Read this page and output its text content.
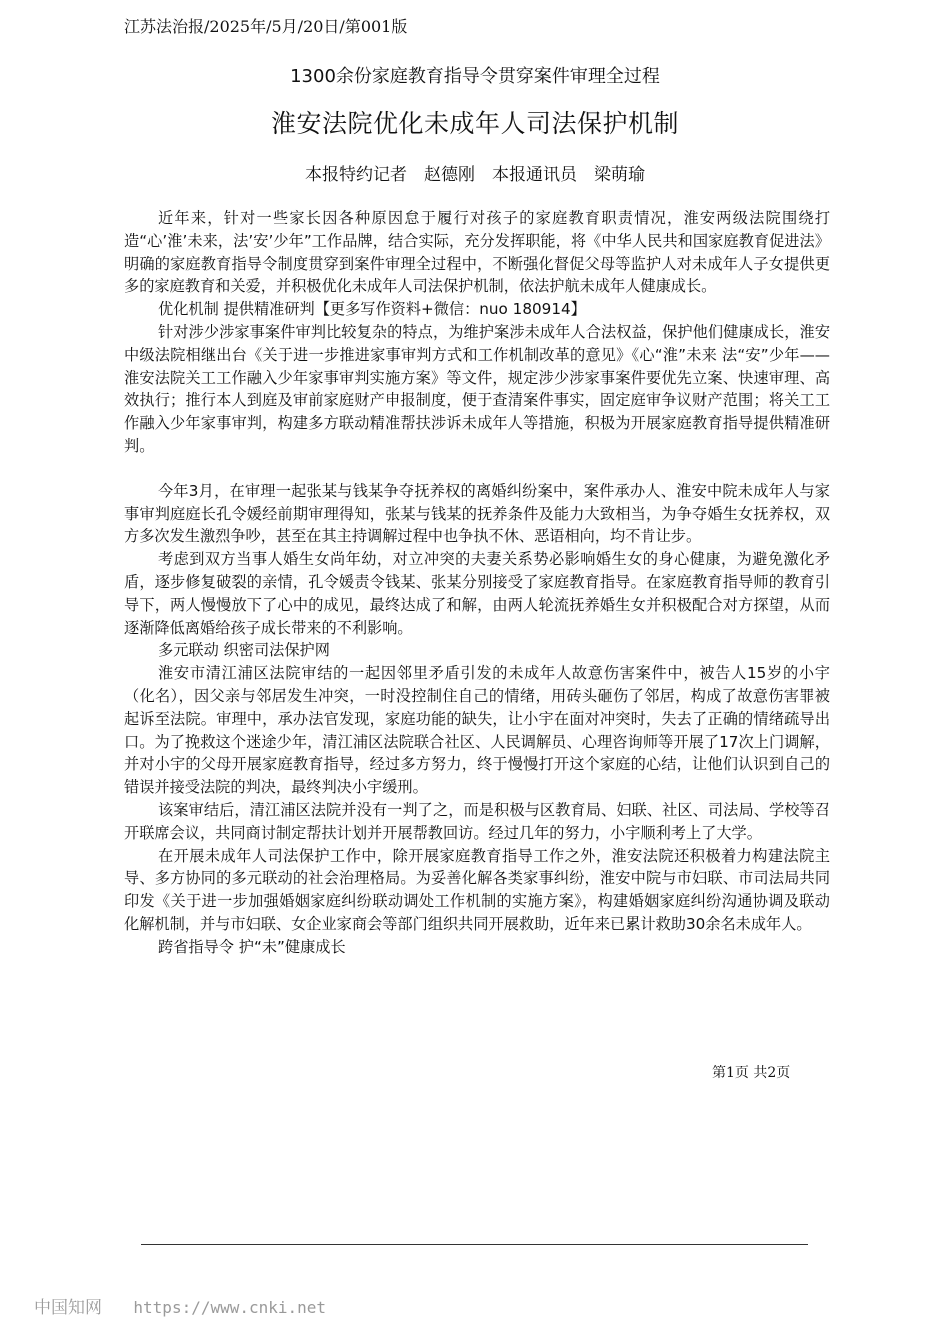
江苏法治报/2025年/5月/20日/第001版
1300余份家庭教育指导令贯穿案件审理全过程
淮安法院优化未成年人司法保护机制
本报特约记者　赵德刚　本报通讯员　梁萌瑜

近年来，针对一些家长因各种原因怠于履行对孩子的家庭教育职责情况，淮安两级法院围绕打造“心’淮’未来，法’安’少年”工作品牌，结合实际，充分发挥职能，将《中华人民共和国家庭教育促进法》明确的家庭教育指导令制度贯穿到案件审理全过程中，不断强化督促父母等监护人对未成年人子女提供更多的家庭教育和关爱，并积极优化未成年人司法保护机制，依法护航未成年人健康成长。

优化机制 提供精准研判【更多写作资料+微信：nuo 180914】

针对涉少涉家事案件审判比较复杂的特点，为维护案涉未成年人合法权益，保护他们健康成长，淮安中级法院相继出台《关于进一步推进家事审判方式和工作机制改革的意见》《心“淮”未来 法“安”少年——淮安法院关工工作融入少年家事审判实施方案》等文件，规定涉少涉家事案件要优先立案、快速审理、高效执行；推行本人到庭及审前家庭财产申报制度，便于查清案件事实，固定庭审争议财产范围；将关工工作融入少年家事审判，构建多方联动精准帮扶涉诉未成年人等措施，积极为开展家庭教育指导提供精准研判。

今年3月，在审理一起张某与钱某争夺抚养权的离婚纠纷案中，案件承办人、淮安中院未成年人与家事审判庭庭长孔令媛经前期审理得知，张某与钱某的抚养条件及能力大致相当，为争夺婚生女抚养权，双方多次发生激烈争吵，甚至在其主持调解过程中也争执不休、恶语相向，均不肯让步。

考虑到双方当事人婚生女尚年幼，对立冲突的夫妻关系势必影响婚生女的身心健康，为避免激化矛盾，逐步修复破裂的亲情，孔令媛责令钱某、张某分别接受了家庭教育指导。在家庭教育指导师的教育引导下，两人慢慢放下了心中的成见，最终达成了和解，由两人轮流抚养婚生女并积极配合对方探望，从而逐渐降低离婚给孩子成长带来的不利影响。

多元联动 织密司法保护网

淮安市清江浦区法院审结的一起因邻里矛盾引发的未成年人故意伤害案件中，被告人15岁的小宇（化名），因父亲与邻居发生冲突，一时没控制住自己的情绪，用砖头砸伤了邻居，构成了故意伤害罪被起诉至法院。审理中，承办法官发现，家庭功能的缺失，让小宇在面对冲突时，失去了正确的情绪疏导出口。为了挽救这个迷途少年，清江浦区法院联合社区、人民调解员、心理咨询师等开展了17次上门调解，并对小宇的父母开展家庭教育指导，经过多方努力，终于慢慢打开这个家庭的心结，让他们认识到自己的错误并接受法院的判决，最终判决小宇缓刑。

该案审结后，清江浦区法院并没有一判了之，而是积极与区教育局、妇联、社区、司法局、学校等召开联席会议，共同商讨制定帮扶计划并开展帮教回访。经过几年的努力，小宇顺利考上了大学。

在开展未成年人司法保护工作中，除开展家庭教育指导工作之外，淮安法院还积极着力构建法院主导、多方协同的多元联动的社会治理格局。为妥善化解各类家事纠纷，淮安中院与市妇联、市司法局共同印发《关于进一步加强婚姻家庭纠纷联动调处工作机制的实施方案》，构建婚姻家庭纠纷沟通协调及联动化解机制，并与市妇联、女企业家商会等部门组织共同开展救助，近年来已累计救助30余名未成年人。

跨省指导令 护“未”健康成长

第1页 共2页
中国知网 https://www.cnki.net
